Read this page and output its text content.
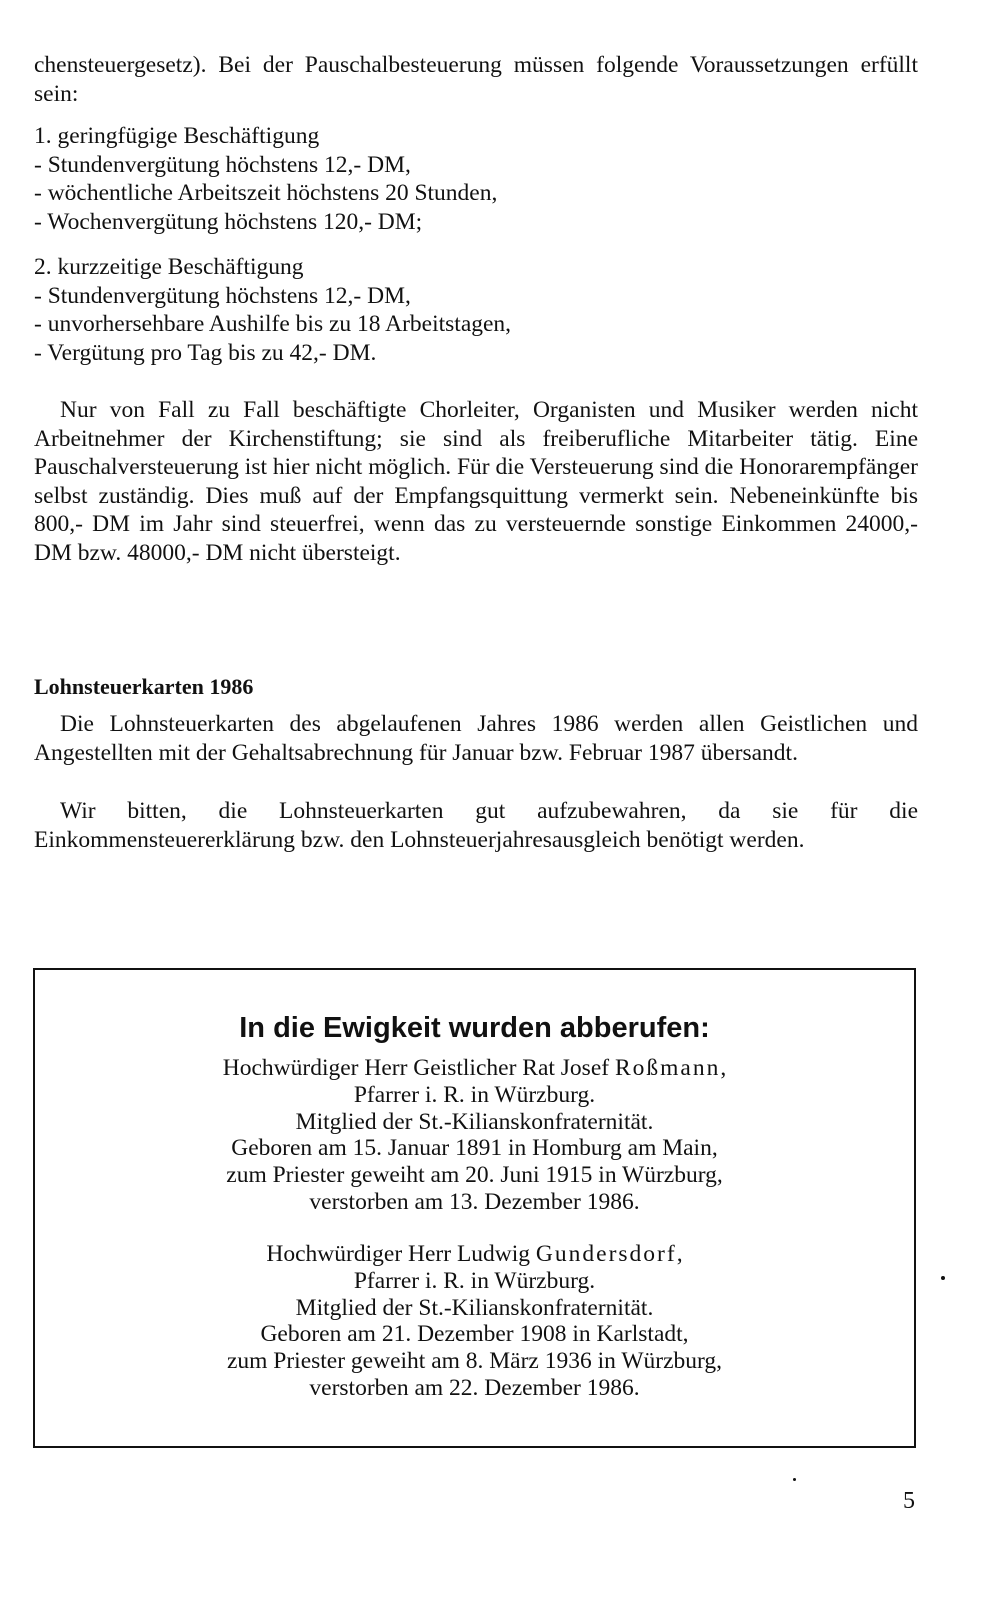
chensteuergesetz). Bei der Pauschalbesteuerung müssen folgende Voraussetzungen erfüllt sein:

1. geringfügige Beschäftigung
- Stundenvergütung höchstens 12,- DM,
- wöchentliche Arbeitszeit höchstens 20 Stunden,
- Wochenvergütung höchstens 120,- DM;
2. kurzzeitige Beschäftigung
- Stundenvergütung höchstens 12,- DM,
- unvorhersehbare Aushilfe bis zu 18 Arbeitstagen,
- Vergütung pro Tag bis zu 42,- DM.

Nur von Fall zu Fall beschäftigte Chorleiter, Organisten und Musiker werden nicht Arbeitnehmer der Kirchenstiftung; sie sind als freiberufliche Mitarbeiter tätig. Eine Pauschalversteuerung ist hier nicht möglich. Für die Versteuerung sind die Honorarempfänger selbst zuständig. Dies muß auf der Empfangsquittung vermerkt sein. Nebeneinkünfte bis 800,- DM im Jahr sind steuerfrei, wenn das zu versteuernde sonstige Einkommen 24000,- DM bzw. 48000,- DM nicht übersteigt.

Lohnsteuerkarten 1986

Die Lohnsteuerkarten des abgelaufenen Jahres 1986 werden allen Geistlichen und Angestellten mit der Gehaltsabrechnung für Januar bzw. Februar 1987 übersandt.

Wir bitten, die Lohnsteuerkarten gut aufzubewahren, da sie für die Einkommensteuererklärung bzw. den Lohnsteuerjahresausgleich benötigt werden.

In die Ewigkeit wurden abberufen:
Hochwürdiger Herr Geistlicher Rat Josef Roßmann,
Pfarrer i. R. in Würzburg.
Mitglied der St.-Kilianskonfraternität.
Geboren am 15. Januar 1891 in Homburg am Main,
zum Priester geweiht am 20. Juni 1915 in Würzburg,
verstorben am 13. Dezember 1986.
Hochwürdiger Herr Ludwig Gundersdorf,
Pfarrer i. R. in Würzburg.
Mitglied der St.-Kilianskonfraternität.
Geboren am 21. Dezember 1908 in Karlstadt,
zum Priester geweiht am 8. März 1936 in Würzburg,
verstorben am 22. Dezember 1986.

5
